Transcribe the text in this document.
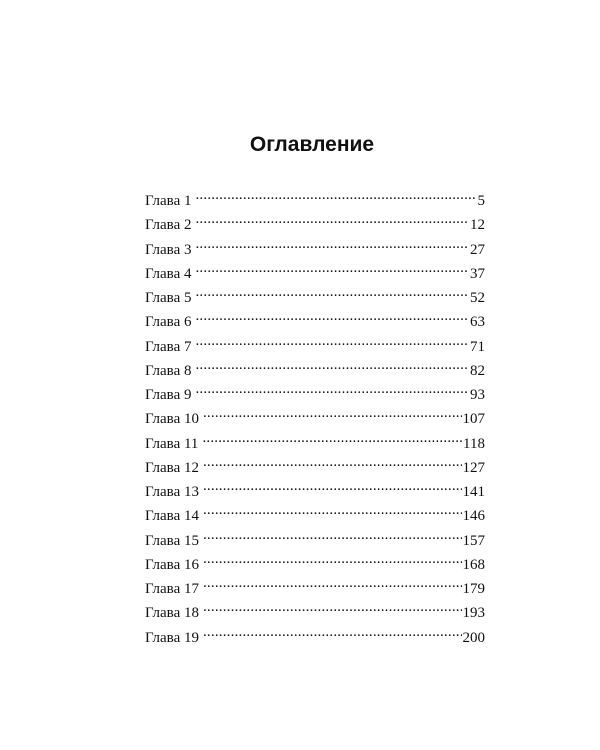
Оглавление
Глава 1 .....	5
Глава 2 .....	12
Глава 3 .....	27
Глава 4 .....	37
Глава 5 .....	52
Глава 6 .....	63
Глава 7 .....	71
Глава 8 .....	82
Глава 9 .....	93
Глава 10 .....	107
Глава 11 .....	118
Глава 12 .....	127
Глава 13 .....	141
Глава 14 .....	146
Глава 15 .....	157
Глава 16 .....	168
Глава 17 .....	179
Глава 18 .....	193
Глава 19 .....	200
